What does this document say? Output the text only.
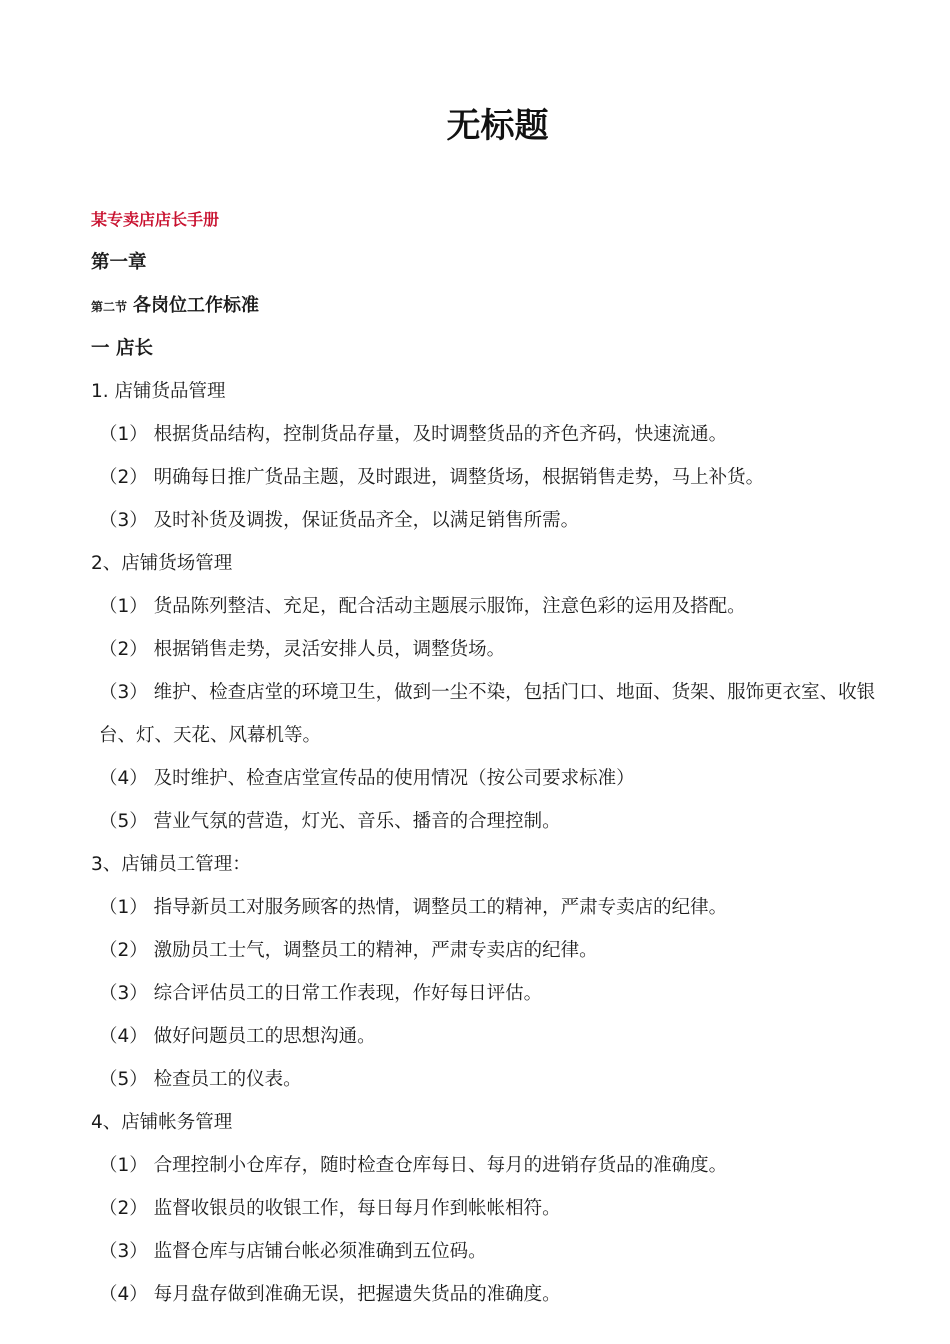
无标题

某专卖店店长手册

第一章

第二节 各岗位工作标准

一 店长

1. 店铺货品管理

（1） 根据货品结构，控制货品存量，及时调整货品的齐色齐码，快速流通。

（2） 明确每日推广货品主题，及时跟进，调整货场，根据销售走势，马上补货。

（3） 及时补货及调拨，保证货品齐全，以满足销售所需。

2、店铺货场管理

（1） 货品陈列整洁、充足，配合活动主题展示服饰，注意色彩的运用及搭配。

（2） 根据销售走势，灵活安排人员，调整货场。

（3） 维护、检查店堂的环境卫生，做到一尘不染，包括门口、地面、货架、服饰更衣室、收银台、灯、天花、风幕机等。

（4） 及时维护、检查店堂宣传品的使用情况（按公司要求标准）

（5） 营业气氛的营造，灯光、音乐、播音的合理控制。

3、店铺员工管理：

（1） 指导新员工对服务顾客的热情，调整员工的精神，严肃专卖店的纪律。

（2） 激励员工士气，调整员工的精神，严肃专卖店的纪律。

（3） 综合评估员工的日常工作表现，作好每日评估。

（4） 做好问题员工的思想沟通。

（5） 检查员工的仪表。

4、店铺帐务管理

（1） 合理控制小仓库存，随时检查仓库每日、每月的进销存货品的准确度。

（2） 监督收银员的收银工作，每日每月作到帐帐相符。

（3） 监督仓库与店铺台帐必须准确到五位码。

（4） 每月盘存做到准确无误，把握遗失货品的准确度。
